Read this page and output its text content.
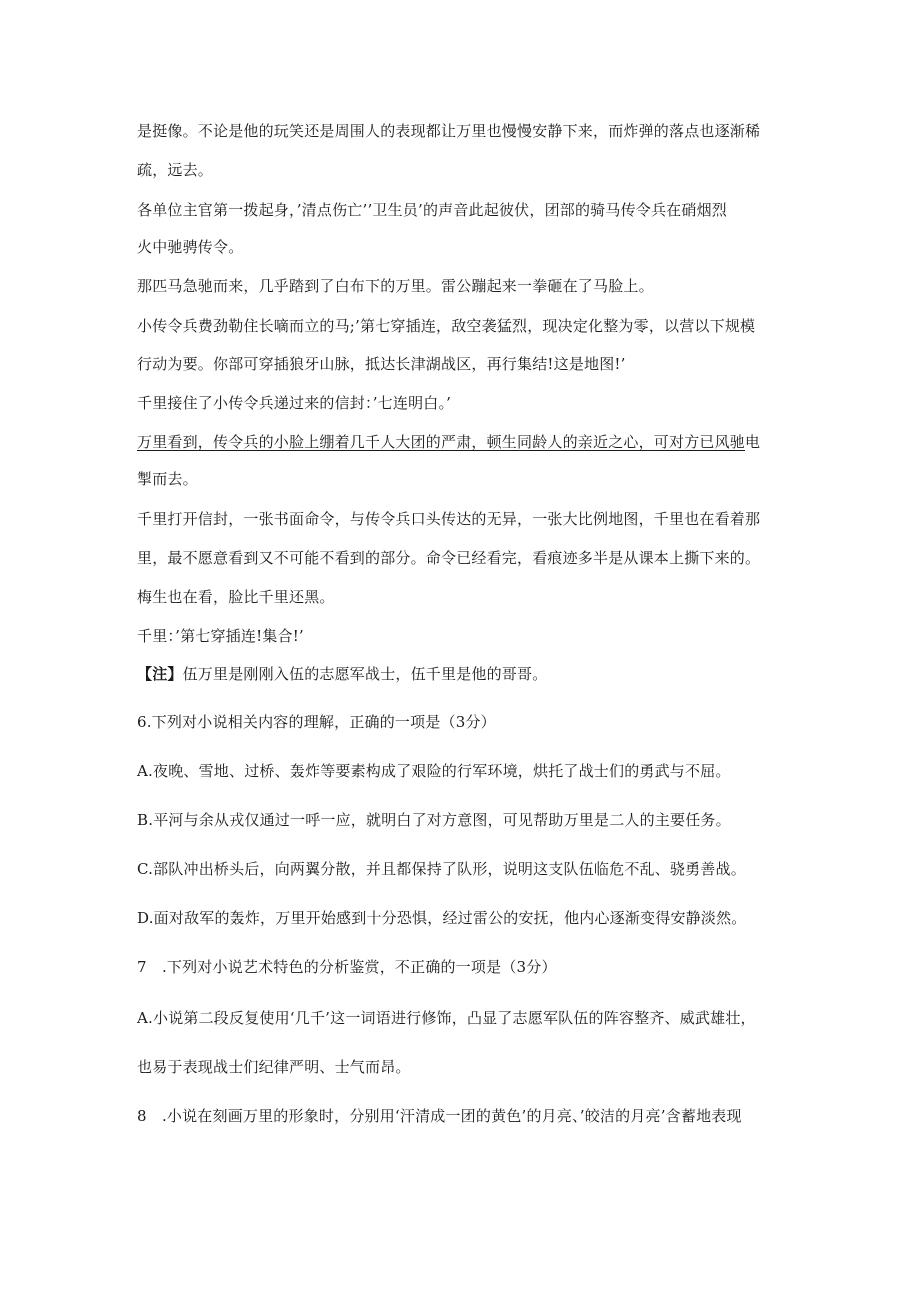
是挺像。不论是他的玩笑还是周围人的表现都让万里也慢慢安静下来，而炸弹的落点也逐渐稀
疏，远去。
各单位主官第一拨起身，’清点伤亡’’卫生员’的声音此起彼伏，团部的骑马传令兵在硝烟烈
火中驰骋传令。
那匹马急驰而来，几乎踏到了白布下的万里。雷公蹦起来一拳砸在了马脸上。
小传令兵费劲勒住长嘀而立的马;’第七穿插连，敌空袭猛烈，现决定化整为零，以营以下规模
行动为要。你部可穿插狼牙山脉，抵达长津湖战区，再行集结!这是地图!’
千里接住了小传令兵递过来的信封：’七连明白。’
万里看到，传令兵的小脸上绷着几千人大团的严肃，顿生同龄人的亲近之心，可对方已风驰电
掣而去。
千里打开信封，一张书面命令，与传令兵口头传达的无异，一张大比例地图，千里也在看着那
里，最不愿意看到又不可能不看到的部分。命令已经看完，看痕迹多半是从课本上撕下来的。
梅生也在看，脸比千里还黑。
千里：’第七穿插连!集合!’
【注】伍万里是刚刚入伍的志愿军战士，伍千里是他的哥哥。
6.下列对小说相关内容的理解，正确的一项是（3分）
A.夜晚、雪地、过桥、轰炸等要素构成了艰险的行军环境，烘托了战士们的勇武与不屈。
B.平河与余从戎仅通过一呼一应，就明白了对方意图，可见帮助万里是二人的主要任务。
C.部队冲出桥头后，向两翼分散，并且都保持了队形，说明这支队伍临危不乱、骁勇善战。
D.面对敌军的轰炸，万里开始感到十分恐惧，经过雷公的安抚，他内心逐渐变得安静淡然。
7　.下列对小说艺术特色的分析鉴赏，不正确的一项是（3分）
A.小说第二段反复使用‘几千’这一词语进行修饰，凸显了志愿军队伍的阵容整齐、威武雄壮，
也易于表现战士们纪律严明、士气而昂。
8　.小说在刻画万里的形象时，分别用‘汗清成一团的黄色’的月亮、’皎洁的月亮’含蓄地表现
